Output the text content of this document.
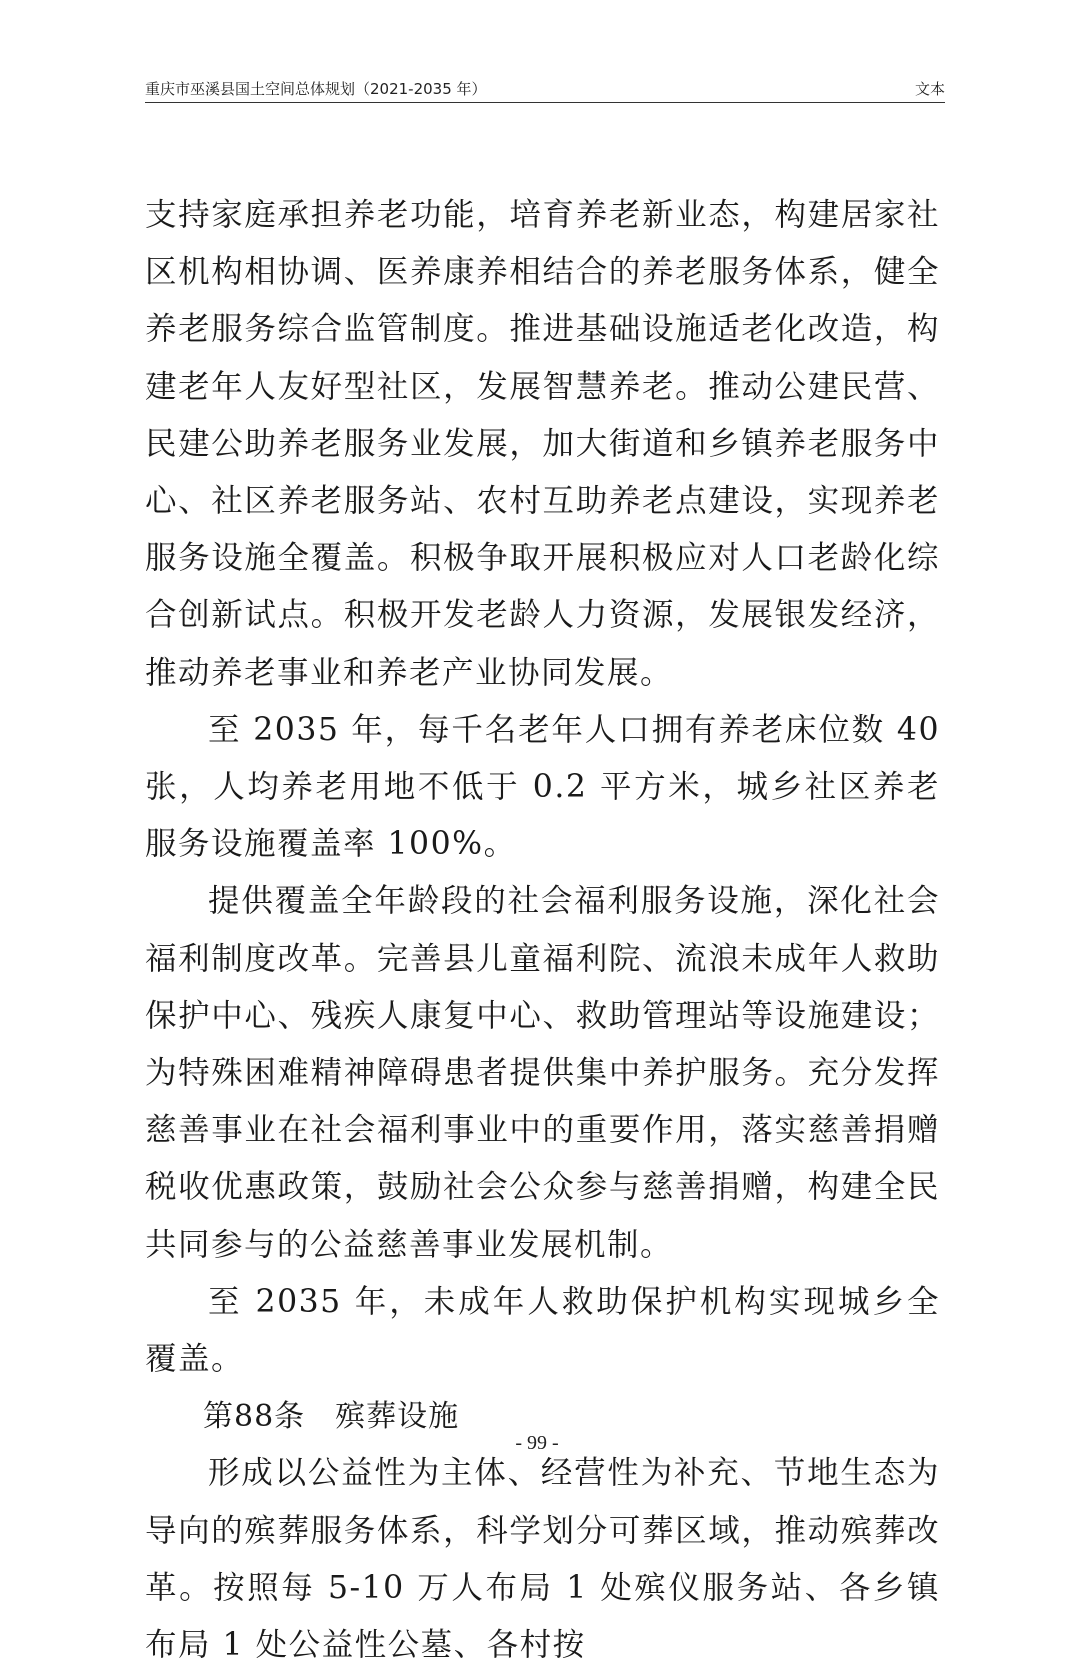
重庆市巫溪县国土空间总体规划（2021-2035 年）	文本

支持家庭承担养老功能，培育养老新业态，构建居家社区机构相协调、医养康养相结合的养老服务体系，健全养老服务综合监管制度。推进基础设施适老化改造，构建老年人友好型社区，发展智慧养老。推动公建民营、民建公助养老服务业发展，加大街道和乡镇养老服务中心、社区养老服务站、农村互助养老点建设，实现养老服务设施全覆盖。积极争取开展积极应对人口老龄化综合创新试点。积极开发老龄人力资源，发展银发经济，推动养老事业和养老产业协同发展。

至 2035 年，每千名老年人口拥有养老床位数 40 张，人均养老用地不低于 0.2 平方米，城乡社区养老服务设施覆盖率 100%。

提供覆盖全年龄段的社会福利服务设施，深化社会福利制度改革。完善县儿童福利院、流浪未成年人救助保护中心、残疾人康复中心、救助管理站等设施建设；为特殊困难精神障碍患者提供集中养护服务。充分发挥慈善事业在社会福利事业中的重要作用，落实慈善捐赠税收优惠政策，鼓励社会公众参与慈善捐赠，构建全民共同参与的公益慈善事业发展机制。

至 2035 年，未成年人救助保护机构实现城乡全覆盖。

第88条 殡葬设施

形成以公益性为主体、经营性为补充、节地生态为导向的殡葬服务体系，科学划分可葬区域，推动殡葬改革。按照每 5-10 万人布局 1 处殡仪服务站、各乡镇布局 1 处公益性公墓、各村按

- 99 -
